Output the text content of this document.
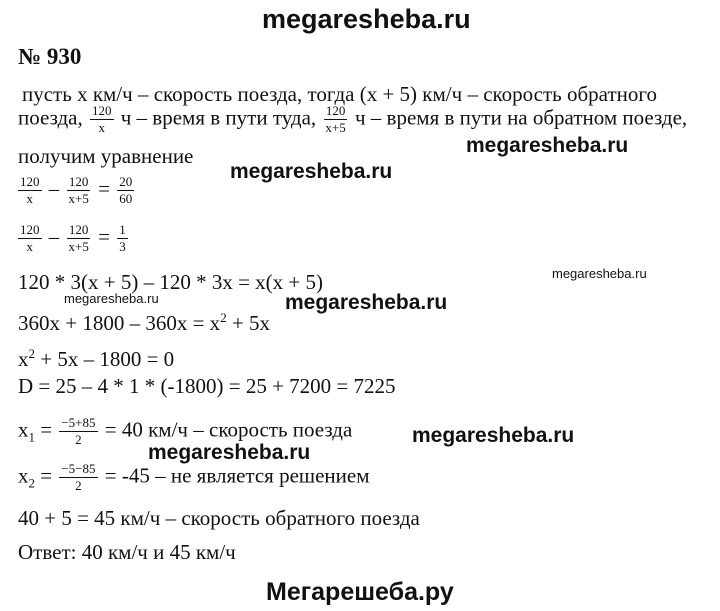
megaresheba.ru
№ 930
пусть x км/ч – скорость поезда, тогда (x + 5) км/ч – скорость обратного
поезда, $\frac{120}{x}$ ч – время в пути туда, $\frac{120}{x+5}$ ч – время в пути на обратном поезде,
получим уравнение
$\frac{120}{x} - \frac{120}{x+5} = \frac{20}{60}$
$\frac{120}{x} - \frac{120}{x+5} = \frac{1}{3}$
120 * 3(x + 5) – 120 * 3x = x(x + 5)
$360x + 1800 - 360x = x^2 + 5x$
$x^2 + 5x - 1800 = 0$
D = 25 – 4 * 1 * (-1800) = 25 + 7200 = 7225
$x_1 = \frac{-5+85}{2} = 40$ км/ч – скорость поезда
$x_2 = \frac{-5-85}{2} = -45$ – не является решением
40 + 5 = 45 км/ч – скорость обратного поезда
Ответ: 40 км/ч и 45 км/ч
megaresheba.ru
megaresheba.ru
megaresheba.ru
megaresheba.ru	megaresheba.ru
megaresheba.ru
megaresheba.ru
Мегарешеба.ру
